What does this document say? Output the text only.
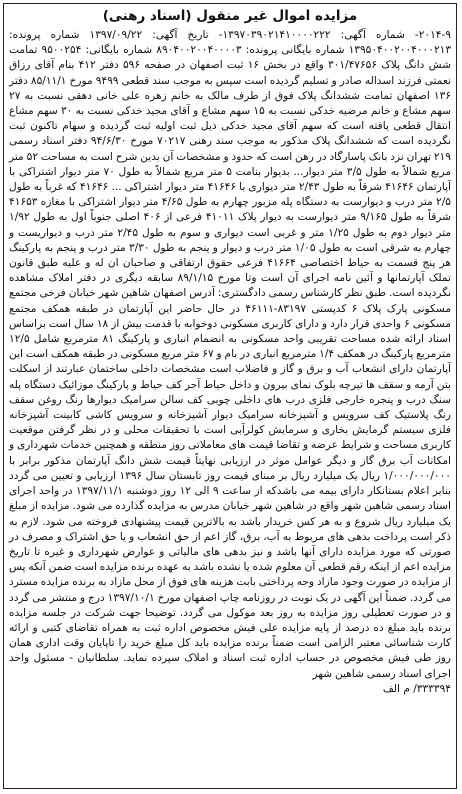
مزایده اموال غیر منقول (اسناد رهنی)

۲۰۱۴-۹- شماره آگهی: ۱۳۹۷۰۳۹۰۲۱۴۱۰۰۰۰۲۲۲- تاریخ آگهی: ۱۳۹۷/۰۹/۲۲ شماره پرونده: ۱۳۹۵۰۴۰۰۲۰۰۴۰۰۰۲۱۳ شماره بایگانی پرونده: ۸۹۰۴۰۰۲۰۰۴۰۰۰۰۳ شماره بایگانی: ۹۵۰۰۲۵۴ تمامت شش دانگ پلاک ۳۰۱/۴۷۶۵۶ واقع در بخش ۱۶ ثبت اصفهان در صفحه ۵۹۶ دفتر ۴۱۲ بنام آقای رزاق نعمتی فرزند اسداله صادر و تسلیم گردیده است سپس به موجب سند قطعی ۹۴۹۹ مورخ ۸۵/۱۱/۱ دفتر ۱۳۶ اصفهان تمامت ششدانگ پلاک فوق از طرف مالک به خانم زهره علی خانی دهقی نسبت به ۲۷ سهم مشاع و خانم مرضیه خدکی نسبت به ۱۵ سهم مشاع و آقای مجید خدکی نسبت به ۳۰ سهم مشاع انتقال قطعی یافته است که سهم آقای مجید خدکی ذیل ثبت اولیه ثبت گردیده و سهام تاکنون ثبت نگردیده است که ششدانگ پلاک مذکور به موجب سند رهنی ۷۰۲۱۷ مورخ ۹۴/۶/۳۰ دفتر اسناد رسمی ۲۱۹ تهران نزد بانک پاسارگاد در رهن است که حدود و مشخصات آن بدین شرح است به مساحت ۵۲ متر مربع شمالاً به طول ۳/۵ متر دیوار... بدیوار بنامت ۵ متر مربع شمالاً به طول ۷۰ متر دیوار اشتراکی با آپارتمان ۴۱۶۴۶ شرقاً به طول ۲/۴۳ متر دیواری با ۴۱۶۴۶ متر دیوار اشتراکی ... ۴۱۶۴۶ که غرباً به طول ۲/۵ متر درب و دیوارست به دستگاه پله مزبور چهارم به طول ۴/۶۵ متر دیوار اشتراکی با مغازه ۴۱۶۵۳ شرقاً به طول ۹/۱۶۵ متر دیوارست به دیوار پلاک ۴۱۰۱۱ فرعی از ۴۰۶ اصلی جنوباً اول به طول ۱/۹۲ متر دیوار دوم به طول ۱/۲۵ متر و غربی است دیواری و سوم به طول ۲/۴۵ متر درب و دیواریست و چهارم به شرقی است به طول ۱/۰۵ متر درب و دیوار و پنجم به طول ۳/۳۰ متر درب و پنجم به پارکینگ هر پنج قسمت به حیاط اختصاصی ۴۱۶۶۴ فرعی حقوق ارتفاقی و صاحبان ان له و علیه طبق قانون تملک آپارتمانها و آئین نامه اجرای آن است وتا مورخ ۸۹/۱/۱۵ سابقه دیگری در دفتر املاک مشاهده نگردیده است. طبق نظر کارشناس رسمی دادگستری: آدرس اصفهان شاهین شهر خیابان فرخی مجتمع مسکونی پارک پلاک ۶ کدپستی ۸۳۱۹۷-۴۶۱۱۱ در حال حاضر این آپارتمان در طبقه همکف مجتمع مسکونی ۶ واحدی قرار دارد و دارای کاربری مسکونی دوخوابه با قدمت بیش از ۱۸ سال است براساس اسناد ارائه شده مساحت تقریبی واحد مسکونی به انضمام انباری و پارکینگ ۸۱ مترمربع شامل ۱۲/۵ مترمربع پارکینگ در همکف ۱/۴ مترمربع انباری در بام و ۶۷ متر مربع مسکونی در طبقه همکف است این آپارتمان دارای انشعاب آب و برق و گاز و فاضلاب است مشخصات داخلی ساختمان عبارتند از اسکلت بتن آرمه و سقف ها تیرچه بلوک نمای بیرون و داخل حیاط آجر کف حیاط و پارکینگ موزائیک دستگاه پله سنگ درب و پنجره خارجی فلزی درب های داخلی چوبی کف سالن سرامیک دیوارها رنگ روغن سقف رنگ پلاستیک کف سرویس و آشپزخانه سرامیک دیوار آشپزخانه و سرویس کاشی کابینت آشپزخانه فلزی سیستم گرمایش بخاری و سرمایش کولرآبی است با تحقیقات محلی و در نظر گرفتن موقعیت کاربری مساحت و شرایط عرضه و تقاضا قیمت های معاملاتی روز منطقه و همچنین خدمات شهرداری و امکانات آب برق گاز و دیگر عوامل موثر در ارزیابی نهایتاً قیمت شش دانگ آپارتمان مذکور برابر با ۱/۰۰۰/۰۰۰/۰۰۰ ریال یک میلیارد ریال بر مبنای قیمت روز تابستان سال ۱۳۹۶ ارزیابی و تعیین می گردد بنابر اعلام بستانکار دارای بیمه می باشدکه از ساعت ۹ الی ۱۲ روز دوشنبه ۱۳۹۷/۱۱/۱ در واحد اجرای اسناد رسمی شاهین شهر واقع در شاهین شهر خیابان مدرس به مزایده گذارده می شود. مزایده از مبلغ یک میلیارد ریال شروع و به هر کس خریدار باشد به بالاترین قیمت پیشنهادی فروخته می شود. لازم به ذکر است پرداخت بدهی های مربوط به آب، برق، گاز اعم از حق انشعاب و یا حق اشتراک و مصرف در صورتی که مورد مزایده دارای آنها باشد و نیز بدهی های مالیاتی و عوارض شهرداری و غیره تا تاریخ مزایده اعم از اینکه رقم قطعی آن معلوم شده یا نشده باشد به عهده برنده مزایده است ضمن آنکه پس از مزایده در صورت وجود مازاد وجه پرداختی بابت هزینه های فوق از محل مازاد به برنده مزایده مسترد می گردد. ضمناً این آگهی در یک نوبت در روزنامه چاپ اصفهان مورخ ۱۳۹۷/۱۰/۱ درج و منتشر می گردد و در صورت تعطیلی روز مزایده به روز بعد موکول می گردد. توضیحا جهت شرکت در جلسه مزایده برنده باید مبلغ ده درصد از پایه مزایده علی فیش مخصوص اداره ثبت به همراه تقاضای کتبی و ارائه کارت شناسائی معتبر الزامی است ضمناً برنده مزایده باید کل مبلغ خرید را تاپایان وقت اداری همان روز طی فیش مخصوص در حساب اداره ثبت اسناد و املاک سپرده نماید. سلطانیان - مسئول واحد اجرای اسناد رسمی شاهین شهر

۳۳۳۳۹۴/ م الف
